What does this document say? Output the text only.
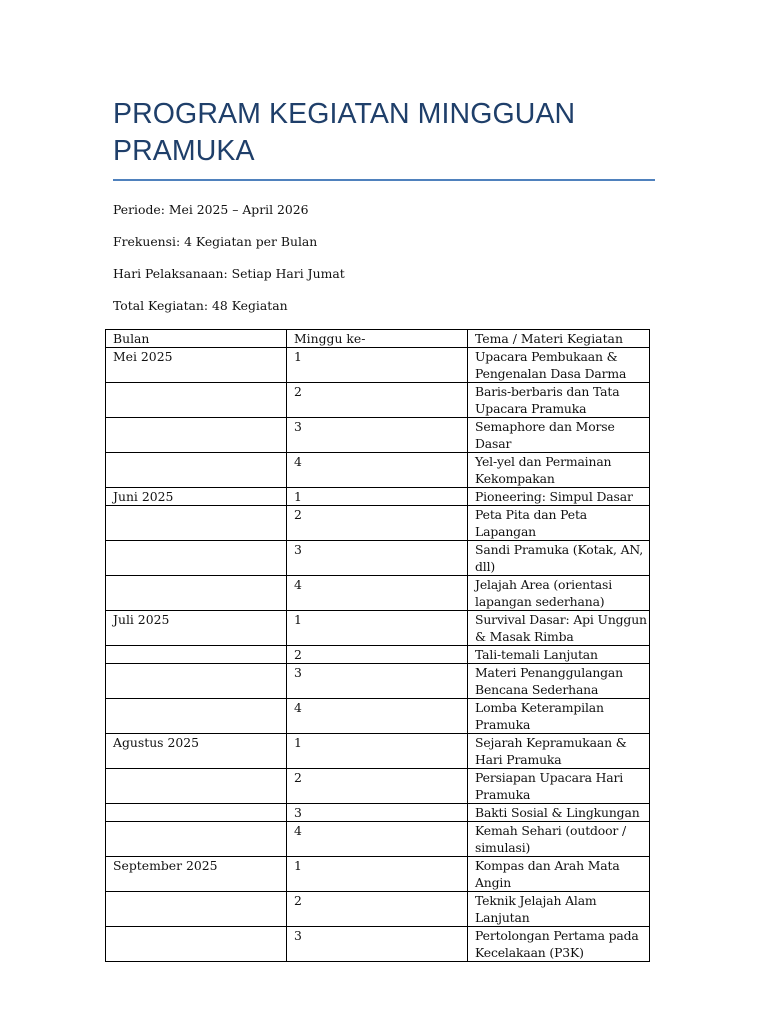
PROGRAM KEGIATAN MINGGUAN PRAMUKA

Periode: Mei 2025 – April 2026

Frekuensi: 4 Kegiatan per Bulan

Hari Pelaksanaan: Setiap Hari Jumat

Total Kegiatan: 48 Kegiatan

Bulan	Minggu ke-	Tema / Materi Kegiatan
Mei 2025	1	Upacara Pembukaan & Pengenalan Dasa Darma
	2	Baris-berbaris dan Tata Upacara Pramuka
	3	Semaphore dan Morse Dasar
	4	Yel-yel dan Permainan Kekompakan
Juni 2025	1	Pioneering: Simpul Dasar
	2	Peta Pita dan Peta Lapangan
	3	Sandi Pramuka (Kotak, AN, dll)
	4	Jelajah Area (orientasi lapangan sederhana)
Juli 2025	1	Survival Dasar: Api Unggun & Masak Rimba
	2	Tali-temali Lanjutan
	3	Materi Penanggulangan Bencana Sederhana
	4	Lomba Keterampilan Pramuka
Agustus 2025	1	Sejarah Kepramukaan & Hari Pramuka
	2	Persiapan Upacara Hari Pramuka
	3	Bakti Sosial & Lingkungan
	4	Kemah Sehari (outdoor / simulasi)
September 2025	1	Kompas dan Arah Mata Angin
	2	Teknik Jelajah Alam Lanjutan
	3	Pertolongan Pertama pada Kecelakaan (P3K)
